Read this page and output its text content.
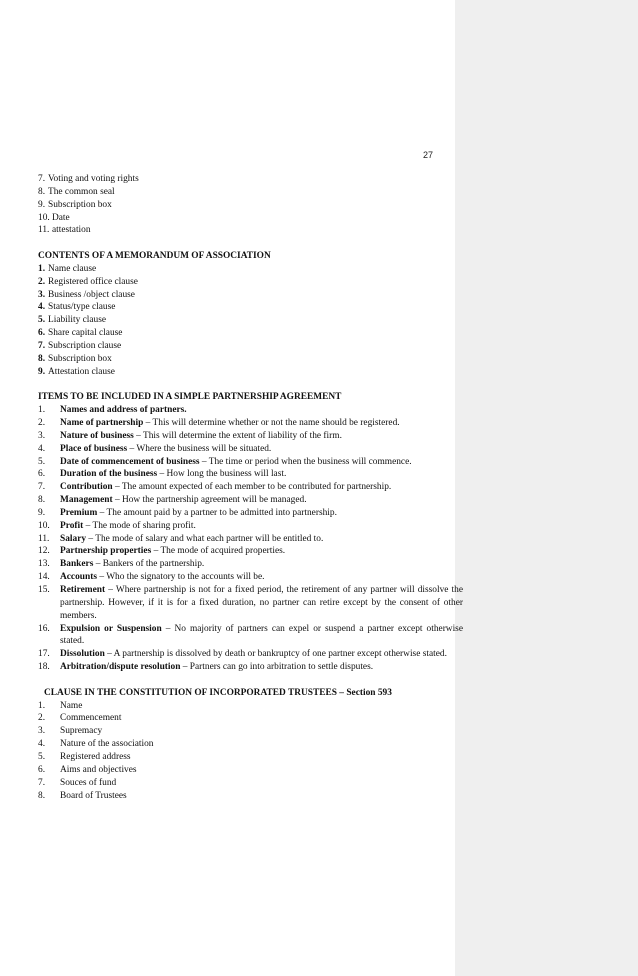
27
7. Voting and voting rights
8. The common seal
9. Subscription box
10. Date
11. attestation
CONTENTS OF A MEMORANDUM OF ASSOCIATION
1. Name clause
2. Registered office clause
3. Business /object clause
4. Status/type clause
5. Liability clause
6. Share capital clause
7. Subscription clause
8. Subscription box
9. Attestation clause
ITEMS TO BE INCLUDED IN A SIMPLE PARTNERSHIP AGREEMENT
1.	Names and address of partners.
2.	Name of partnership – This will determine whether or not the name should be registered.
3.	Nature of business – This will determine the extent of liability of the firm.
4.	Place of business – Where the business will be situated.
5.	Date of commencement of business – The time or period when the business will commence.
6.	Duration of the business – How long the business will last.
7.	Contribution – The amount expected of each member to be contributed for partnership.
8.	Management – How the partnership agreement will be managed.
9.	Premium – The amount paid by a partner to be admitted into partnership.
10.	Profit – The mode of sharing profit.
11.	Salary – The mode of salary and what each partner will be entitled to.
12.	Partnership properties – The mode of acquired properties.
13.	Bankers – Bankers of the partnership.
14.	Accounts – Who the signatory to the accounts will be.
15.	Retirement – Where partnership is not for a fixed period, the retirement of any partner will dissolve the partnership. However, if it is for a fixed duration, no partner can retire except by the consent of other members.
16.	Expulsion or Suspension – No majority of partners can expel or suspend a partner except otherwise stated.
17.	Dissolution – A partnership is dissolved by death or bankruptcy of one partner except otherwise stated.
18.	Arbitration/dispute resolution – Partners can go into arbitration to settle disputes.
CLAUSE IN THE CONSTITUTION OF INCORPORATED TRUSTEES – Section 593
1.	Name
2.	Commencement
3.	Supremacy
4.	Nature of the association
5.	Registered address
6.	Aims and objectives
7.	Souces of fund
8.	Board of Trustees
